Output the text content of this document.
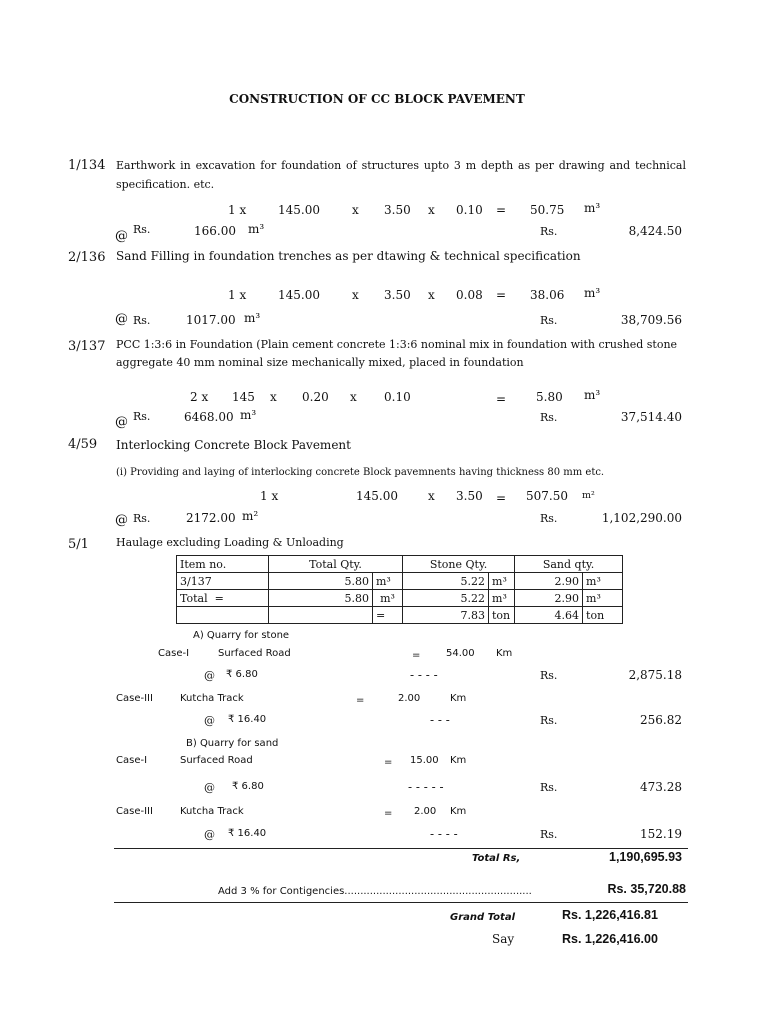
CONSTRUCTION OF CC BLOCK PAVEMENT
1/134 Earthwork in excavation for foundation of structures upto 3 m depth as per drawing and technical specification. etc.
1 x	145.00	x 3.50 x 0.10 = 50.75 m³
@ Rs.	166.00 m³	Rs.	8,424.50
2/136 Sand Filling in foundation trenches as per dtawing & technical specification
1 x	145.00	x 3.50 x 0.08 = 38.06 m³
@ Rs.	1017.00 m³	Rs.	38,709.56
3/137 PCC 1:3:6 in Foundation (Plain cement concrete 1:3:6 nominal mix in foundation with crushed stone aggregate 40 mm nominal size mechanically mixed, placed in foundation
2 x 145 x 0.20 x 0.10	= 5.80 m³
@ Rs.	6468.00 m³	Rs.	37,514.40
4/59 Interlocking Concrete Block Pavement
(i) Providing and laying of interlocking concrete Block pavemnents having thickness 80 mm etc.
1 x	145.00	x 3.50 = 507.50 m²
@ Rs.	2172.00 m²	Rs.	1,102,290.00
5/1 Haulage excluding Loading & Unloading
Item no.	Total Qty.		Stone Qty.		Sand qty.	
3/137	5.80	m³	5.22	m³	2.90	m³
Total =	5.80	m³	5.22	m³	2.90	m³
		=	7.83	ton	4.64	ton
A) Quarry for stone
Case-I	Surfaced Road	=	54.00 Km
@ ₹ 6.80	- - - -	Rs.	2,875.18
Case-III	Kutcha Track	=	2.00	Km
@ ₹ 16.40	- - -	Rs.	256.82
B) Quarry for sand
Case-I	Surfaced Road	= 15.00 Km
@ ₹ 6.80	- - - - -	Rs.	473.28
Case-III	Kutcha Track	= 2.00 Km
@ ₹ 16.40	- - - -	Rs.	152.19
Total Rs,	1,190,695.93
Add 3 % for Contigencies...........................................................	Rs. 35,720.88
Grand Total	Rs. 1,226,416.81
Say	Rs. 1,226,416.00
